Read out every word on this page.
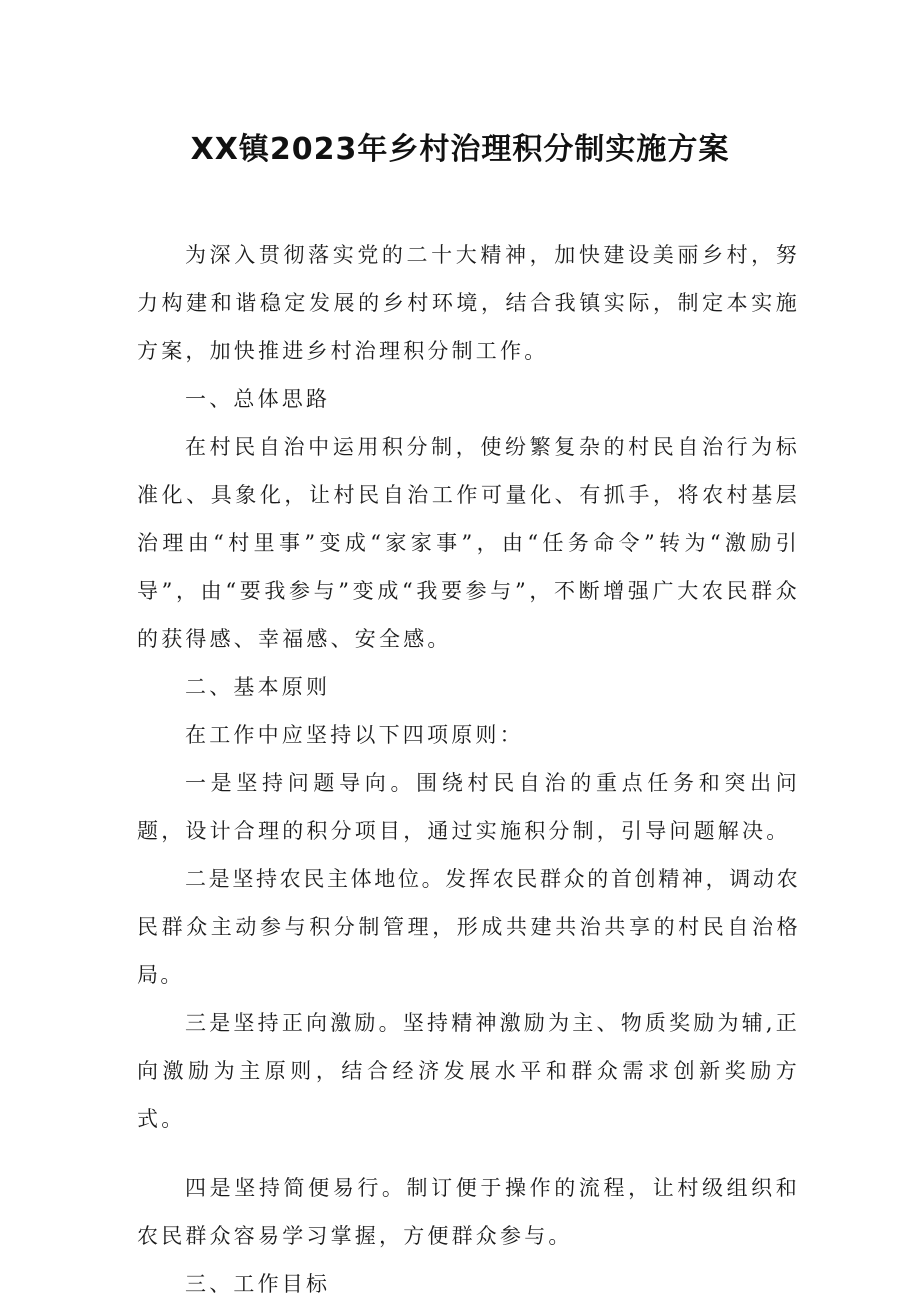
XX镇2023年乡村治理积分制实施方案

为深入贯彻落实党的二十大精神，加快建设美丽乡村，努力构建和谐稳定发展的乡村环境，结合我镇实际，制定本实施方案，加快推进乡村治理积分制工作。

一、总体思路

在村民自治中运用积分制，使纷繁复杂的村民自治行为标准化、具象化，让村民自治工作可量化、有抓手，将农村基层治理由“村里事”变成“家家事”，由“任务命令”转为“激励引导”，由“要我参与”变成“我要参与”，不断增强广大农民群众的获得感、幸福感、安全感。

二、基本原则

在工作中应坚持以下四项原则：

一是坚持问题导向。围绕村民自治的重点任务和突出问题，设计合理的积分项目，通过实施积分制，引导问题解决。

二是坚持农民主体地位。发挥农民群众的首创精神，调动农民群众主动参与积分制管理，形成共建共治共享的村民自治格局。

三是坚持正向激励。坚持精神激励为主、物质奖励为辅,正向激励为主原则，结合经济发展水平和群众需求创新奖励方式。

四是坚持简便易行。制订便于操作的流程，让村级组织和农民群众容易学习掌握，方便群众参与。

三、工作目标
